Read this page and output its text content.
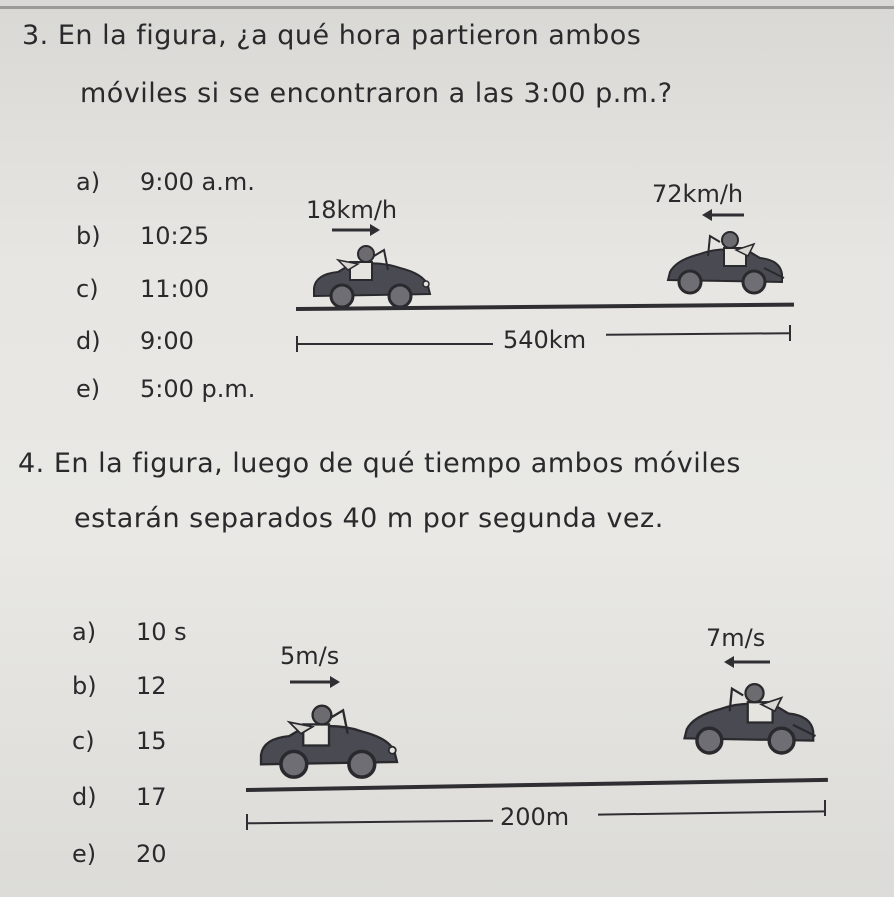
3. En la figura, ¿a qué hora partieron ambos
móviles si se encontraron a las 3:00 p.m.?
a) 9:00 a.m.
b) 10:25
c) 11:00
d) 9:00
e) 5:00 p.m.
18km/h
72km/h
540km
4. En la figura, luego de qué tiempo ambos móviles
estarán separados 40 m por segunda vez.
a) 10 s
b) 12
c) 15
d) 17
e) 20
5m/s
7m/s
200m
